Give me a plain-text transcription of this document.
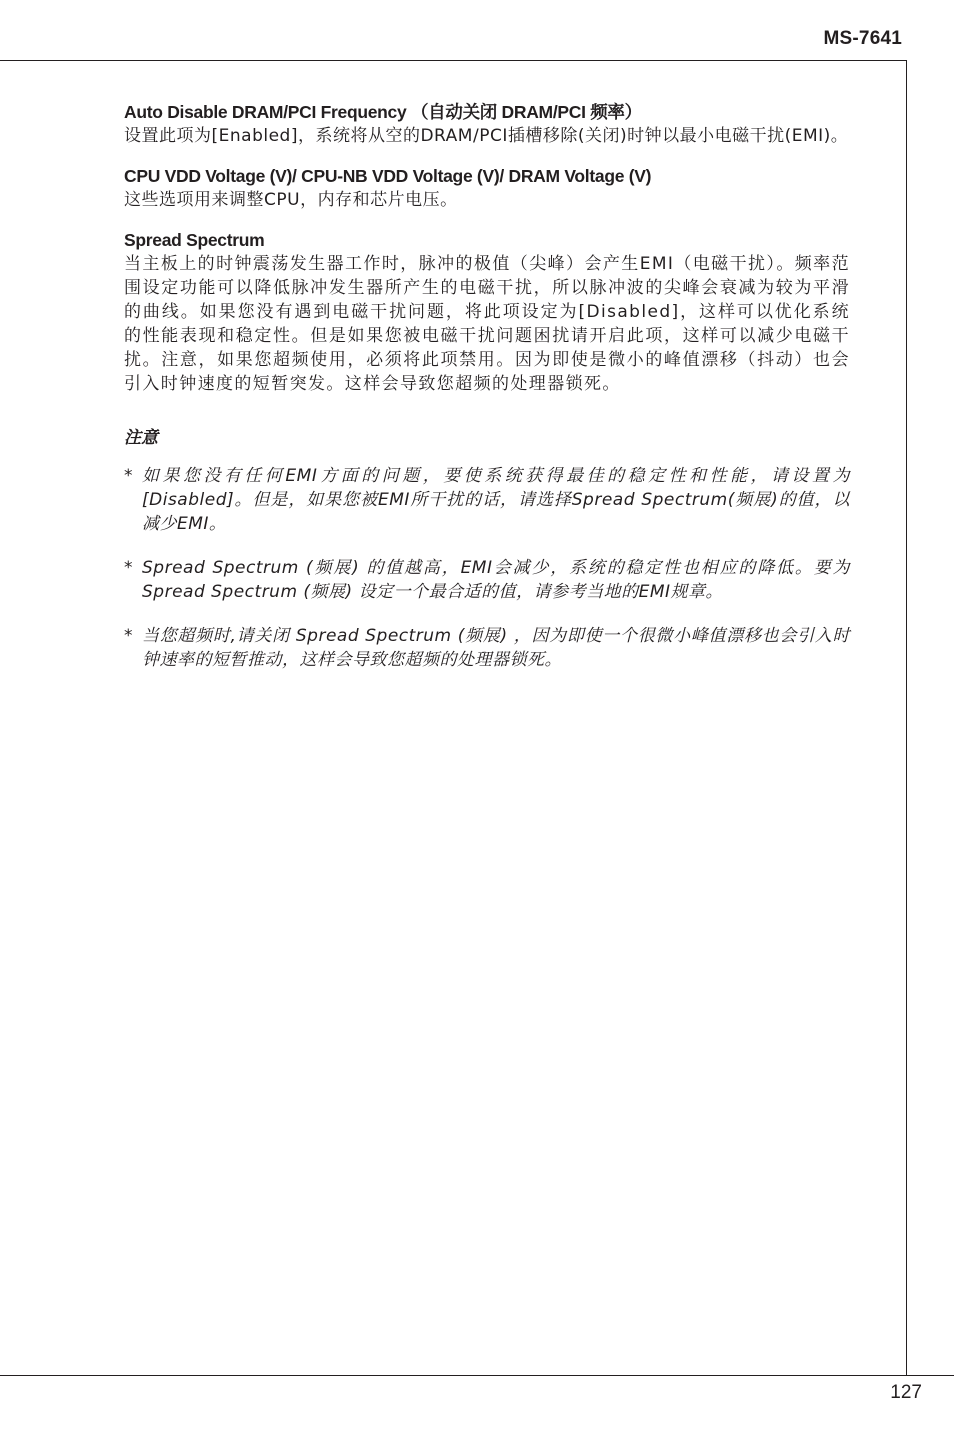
MS-7641

Auto Disable DRAM/PCI Frequency （自动关闭 DRAM/PCI 频率）

设置此项为[Enabled]，系统将从空的DRAM/PCI插槽移除(关闭)时钟以最小电磁干扰(EMI)。

CPU VDD Voltage (V)/ CPU-NB VDD Voltage (V)/ DRAM Voltage (V)

这些选项用来调整CPU，内存和芯片电压。

Spread Spectrum

当主板上的时钟震荡发生器工作时，脉冲的极值（尖峰）会产生EMI（电磁干扰）。频率范围设定功能可以降低脉冲发生器所产生的电磁干扰，所以脉冲波的尖峰会衰减为较为平滑的曲线。如果您没有遇到电磁干扰问题，将此项设定为[Disabled]，这样可以优化系统的性能表现和稳定性。但是如果您被电磁干扰问题困扰请开启此项，这样可以减少电磁干扰。注意，如果您超频使用，必须将此项禁用。因为即使是微小的峰值漂移（抖动）也会引入时钟速度的短暂突发。这样会导致您超频的处理器锁死。

注意
* 如果您没有任何EMI方面的问题，要使系统获得最佳的稳定性和性能，请设置为[Disabled]。但是，如果您被EMI所干扰的话，请选择Spread Spectrum(频展)的值，以减少EMI。
* Spread Spectrum (频展) 的值越高，EMI会减少，系统的稳定性也相应的降低。要为Spread Spectrum (频展) 设定一个最合适的值，请参考当地的EMI规章。
* 当您超频时,请关闭 Spread Spectrum (频展) ，因为即使一个很微小峰值漂移也会引入时钟速率的短暂推动，这样会导致您超频的处理器锁死。
127
